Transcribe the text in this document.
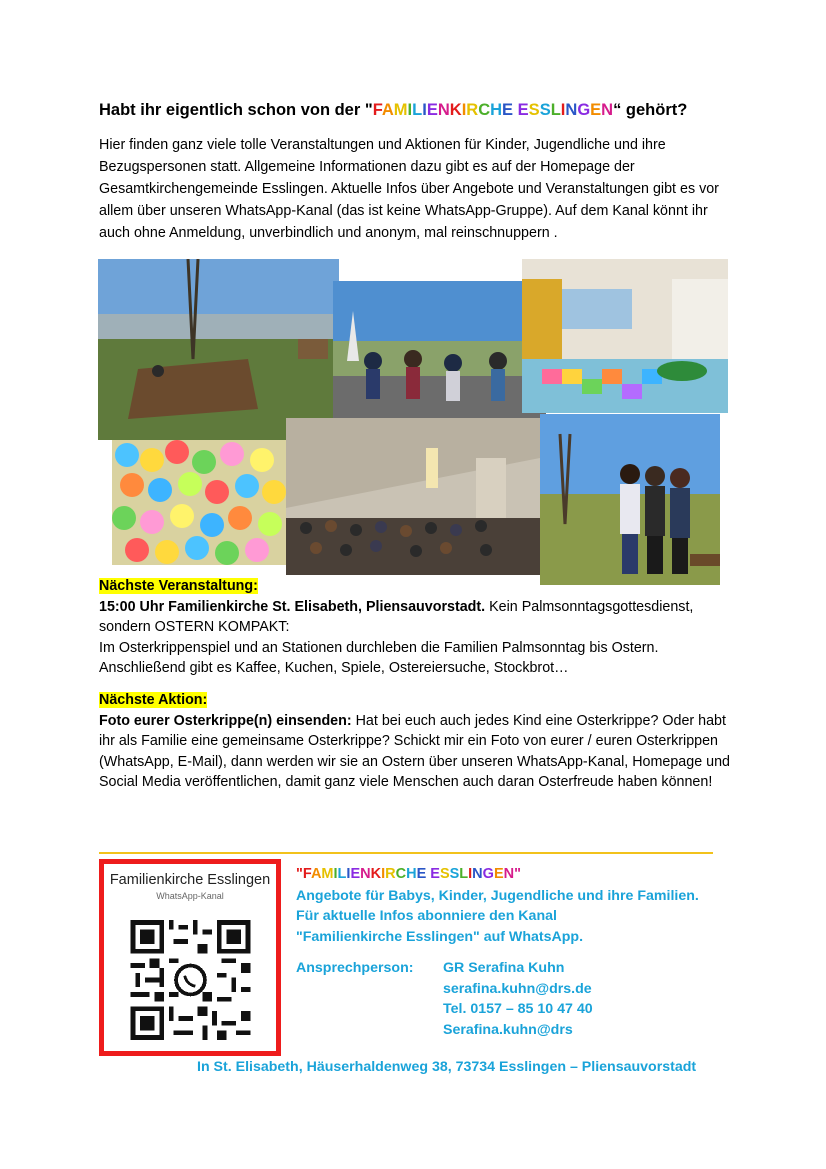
Habt ihr eigentlich schon von der "FAMILIENKIRCHE ESSLINGEN“ gehört?

Hier finden ganz viele tolle Veranstaltungen und Aktionen für Kinder, Jugendliche und ihre Bezugspersonen statt. Allgemeine Informationen dazu gibt es auf der Homepage der Gesamtkirchengemeinde Esslingen. Aktuelle Infos über Angebote und Veranstaltungen gibt es vor allem über unseren WhatsApp-Kanal (das ist keine WhatsApp-Gruppe). Auf dem Kanal könnt ihr auch ohne Anmeldung, unverbindlich und anonym, mal reinschnuppern .

Nächste Veranstaltung:

15:00 Uhr Familienkirche St. Elisabeth, Pliensauvorstadt. Kein Palmsonntagsgottesdienst, sondern OSTERN KOMPAKT:

Im Osterkrippenspiel und an Stationen durchleben die Familien Palmsonntag bis Ostern. Anschließend gibt es Kaffee, Kuchen, Spiele, Ostereiersuche, Stockbrot…

Nächste Aktion:

Foto eurer Osterkrippe(n) einsenden: Hat bei euch auch jedes Kind eine Osterkrippe? Oder habt ihr als Familie eine gemeinsame Osterkrippe? Schickt mir ein Foto von eurer / euren Osterkrippen (WhatsApp, E-Mail), dann werden wir sie an Ostern über unseren WhatsApp-Kanal, Homepage und Social Media veröffentlichen, damit ganz viele Menschen auch daran Osterfreude haben können!

Familienkirche Esslingen
WhatsApp-Kanal
"FAMILIENKIRCHE ESSLINGEN"
Angebote für Babys, Kinder, Jugendliche und ihre Familien.
Für aktuelle Infos abonniere den Kanal
"Familienkirche Esslingen" auf WhatsApp.
Ansprechperson: GR Serafina Kuhn
serafina.kuhn@drs.de
Tel. 0157 – 85 10 47 40
Serafina.kuhn@drs
In St. Elisabeth, Häuserhaldenweg 38, 73734 Esslingen – Pliensauvorstadt
